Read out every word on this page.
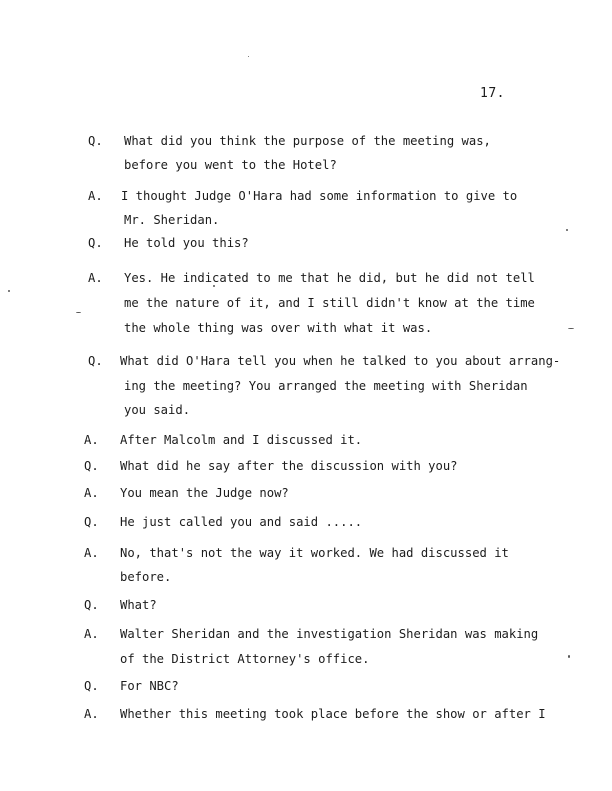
17.
Q. What did you think the purpose of the meeting was,
before you went to the Hotel?
A. I thought Judge O'Hara had some information to give to
Mr. Sheridan.
Q. He told you this?
A. Yes. He indicated to me that he did, but he did not tell
me the nature of it, and I still didn't know at the time
the whole thing was over with what it was.
Q. What did O'Hara tell you when he talked to you about arrang-
ing the meeting? You arranged the meeting with Sheridan
you said.
A. After Malcolm and I discussed it.
Q. What did he say after the discussion with you?
A. You mean the Judge now?
Q. He just called you and said .....
A. No, that's not the way it worked. We had discussed it
before.
Q. What?
A. Walter Sheridan and the investigation Sheridan was making
of the District Attorney's office.
Q. For NBC?
A. Whether this meeting took place before the show or after I
